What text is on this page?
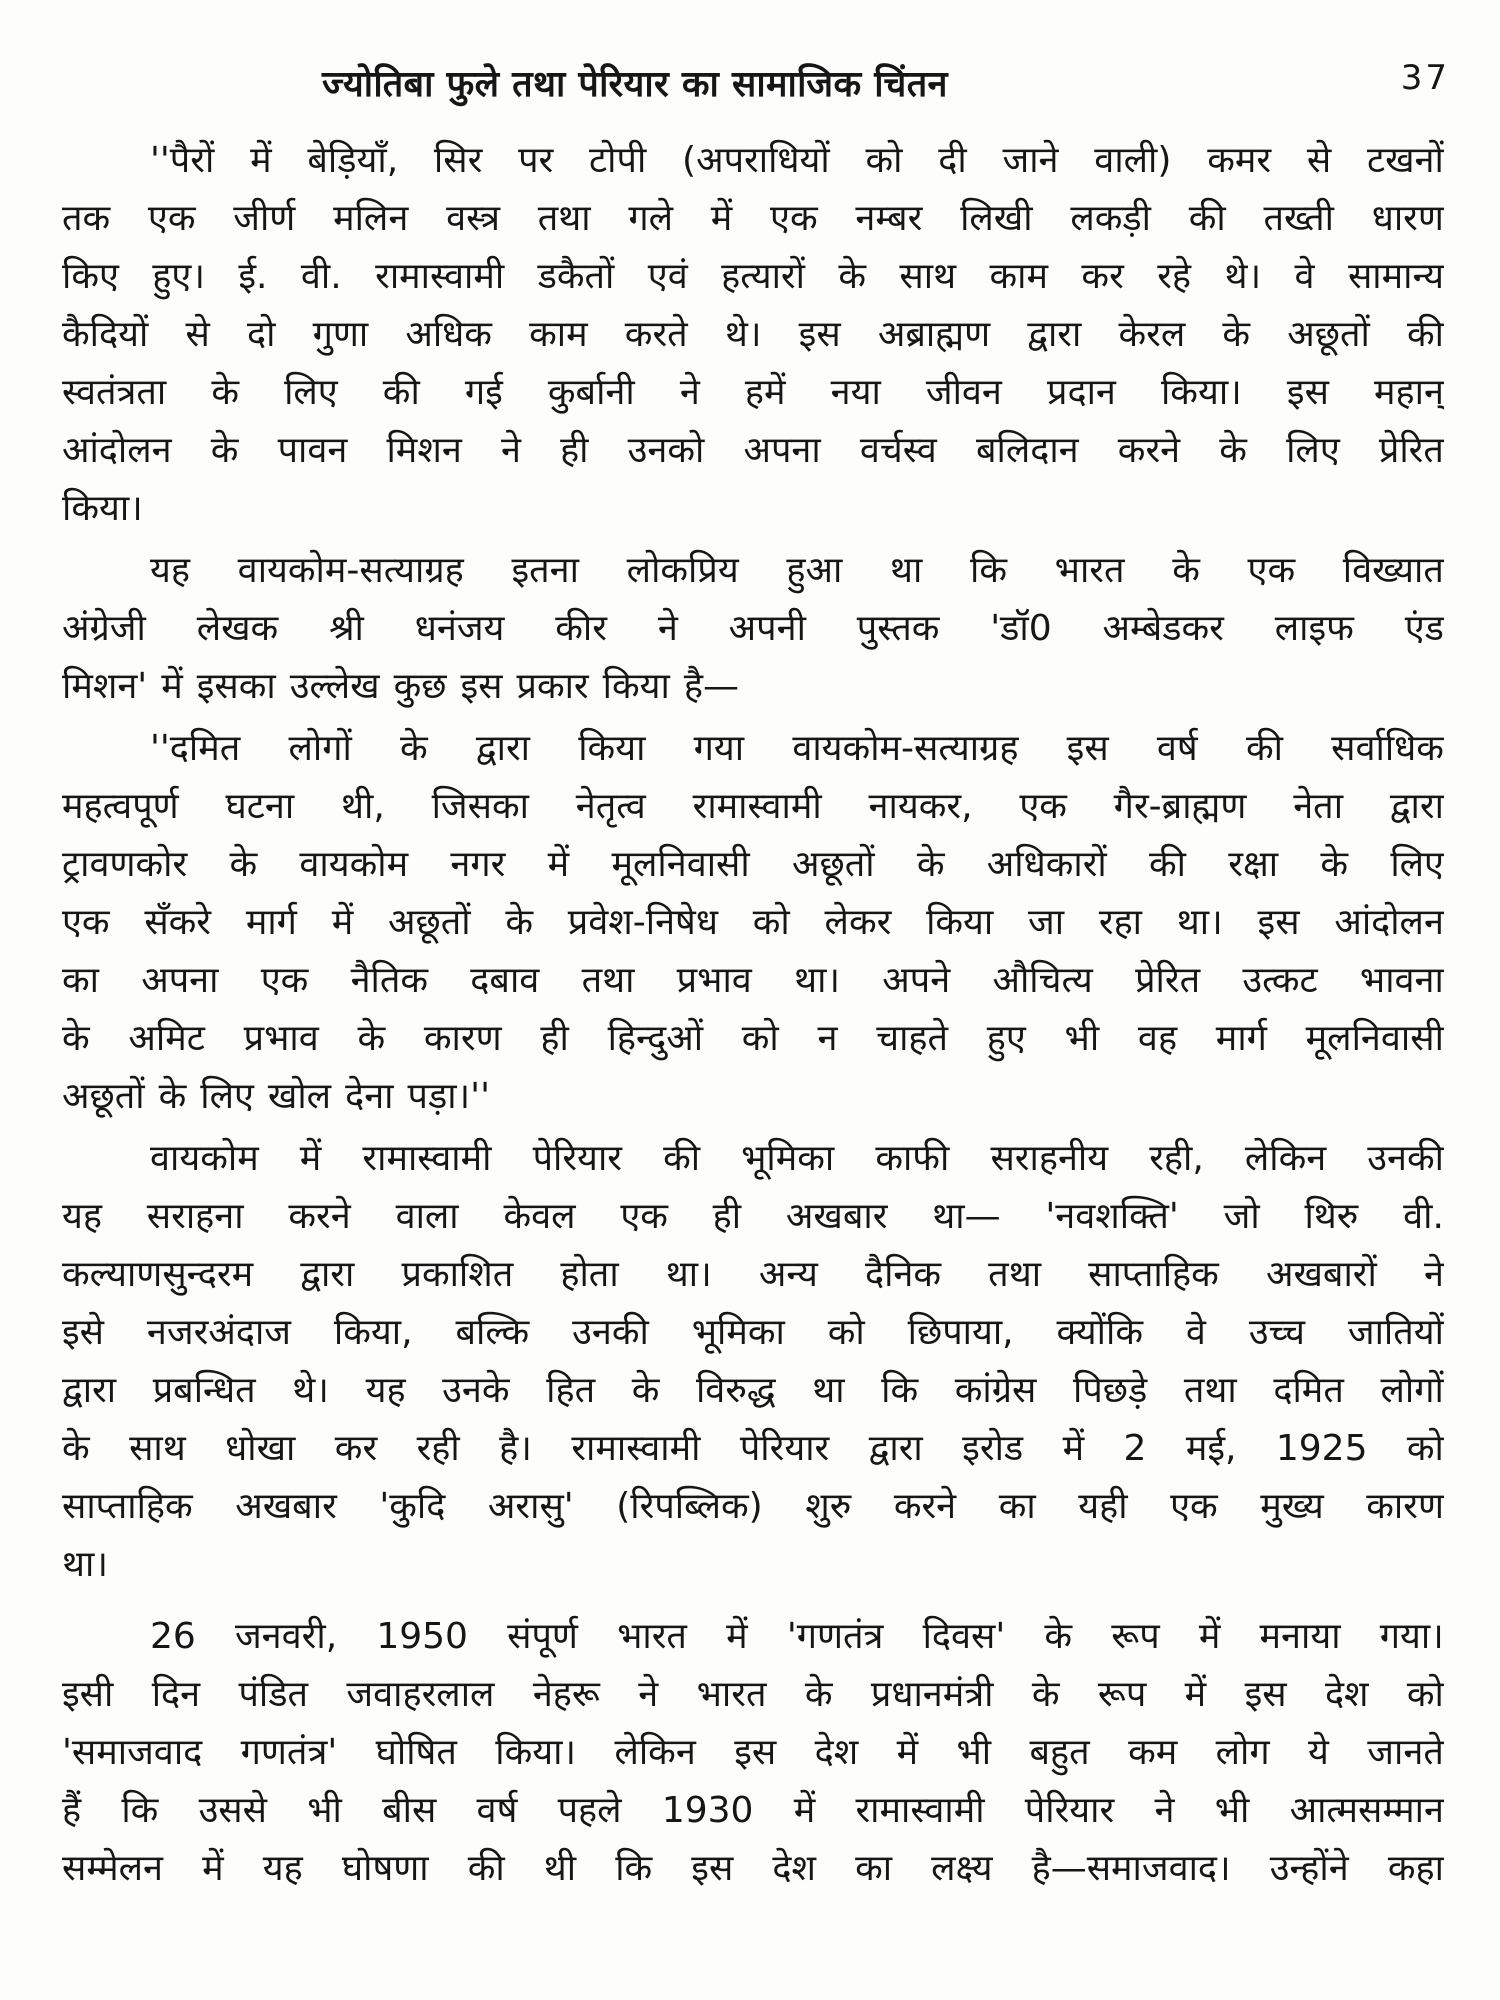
ज्योतिबा फुले तथा पेरियार का सामाजिक चिंतन	37
''पैरों में बेड़ियाँ, सिर पर टोपी (अपराधियों को दी जाने वाली) कमर से टखनों
तक एक जीर्ण मलिन वस्त्र तथा गले में एक नम्बर लिखी लकड़ी की तख्ती धारण
किए हुए। ई. वी. रामास्वामी डकैतों एवं हत्यारों के साथ काम कर रहे थे। वे सामान्य
कैदियों से दो गुणा अधिक काम करते थे। इस अब्राह्मण द्वारा केरल के अछूतों की
स्वतंत्रता के लिए की गई कुर्बानी ने हमें नया जीवन प्रदान किया। इस महान्
आंदोलन के पावन मिशन ने ही उनको अपना वर्चस्व बलिदान करने के लिए प्रेरित
किया।
यह वायकोम-सत्याग्रह इतना लोकप्रिय हुआ था कि भारत के एक विख्यात
अंग्रेजी लेखक श्री धनंजय कीर ने अपनी पुस्तक 'डॉ0 अम्बेडकर लाइफ एंड
मिशन' में इसका उल्लेख कुछ इस प्रकार किया है—
''दमित लोगों के द्वारा किया गया वायकोम-सत्याग्रह इस वर्ष की सर्वाधिक
महत्वपूर्ण घटना थी, जिसका नेतृत्व रामास्वामी नायकर, एक गैर-ब्राह्मण नेता द्वारा
ट्रावणकोर के वायकोम नगर में मूलनिवासी अछूतों के अधिकारों की रक्षा के लिए
एक सँकरे मार्ग में अछूतों के प्रवेश-निषेध को लेकर किया जा रहा था। इस आंदोलन
का अपना एक नैतिक दबाव तथा प्रभाव था। अपने औचित्य प्रेरित उत्कट भावना
के अमिट प्रभाव के कारण ही हिन्दुओं को न चाहते हुए भी वह मार्ग मूलनिवासी
अछूतों के लिए खोल देना पड़ा।''
वायकोम में रामास्वामी पेरियार की भूमिका काफी सराहनीय रही, लेकिन उनकी
यह सराहना करने वाला केवल एक ही अखबार था— 'नवशक्ति' जो थिरु वी.
कल्याणसुन्दरम द्वारा प्रकाशित होता था। अन्य दैनिक तथा साप्ताहिक अखबारों ने
इसे नजरअंदाज किया, बल्कि उनकी भूमिका को छिपाया, क्योंकि वे उच्च जातियों
द्वारा प्रबन्धित थे। यह उनके हित के विरुद्ध था कि कांग्रेस पिछड़े तथा दमित लोगों
के साथ धोखा कर रही है। रामास्वामी पेरियार द्वारा इरोड में 2 मई, 1925 को
साप्ताहिक अखबार 'कुदि अरासु' (रिपब्लिक) शुरु करने का यही एक मुख्य कारण
था।
26 जनवरी, 1950 संपूर्ण भारत में 'गणतंत्र दिवस' के रूप में मनाया गया।
इसी दिन पंडित जवाहरलाल नेहरू ने भारत के प्रधानमंत्री के रूप में इस देश को
'समाजवाद गणतंत्र' घोषित किया। लेकिन इस देश में भी बहुत कम लोग ये जानते
हैं कि उससे भी बीस वर्ष पहले 1930 में रामास्वामी पेरियार ने भी आत्मसम्मान
सम्मेलन में यह घोषणा की थी कि इस देश का लक्ष्य है—समाजवाद। उन्होंने कहा
